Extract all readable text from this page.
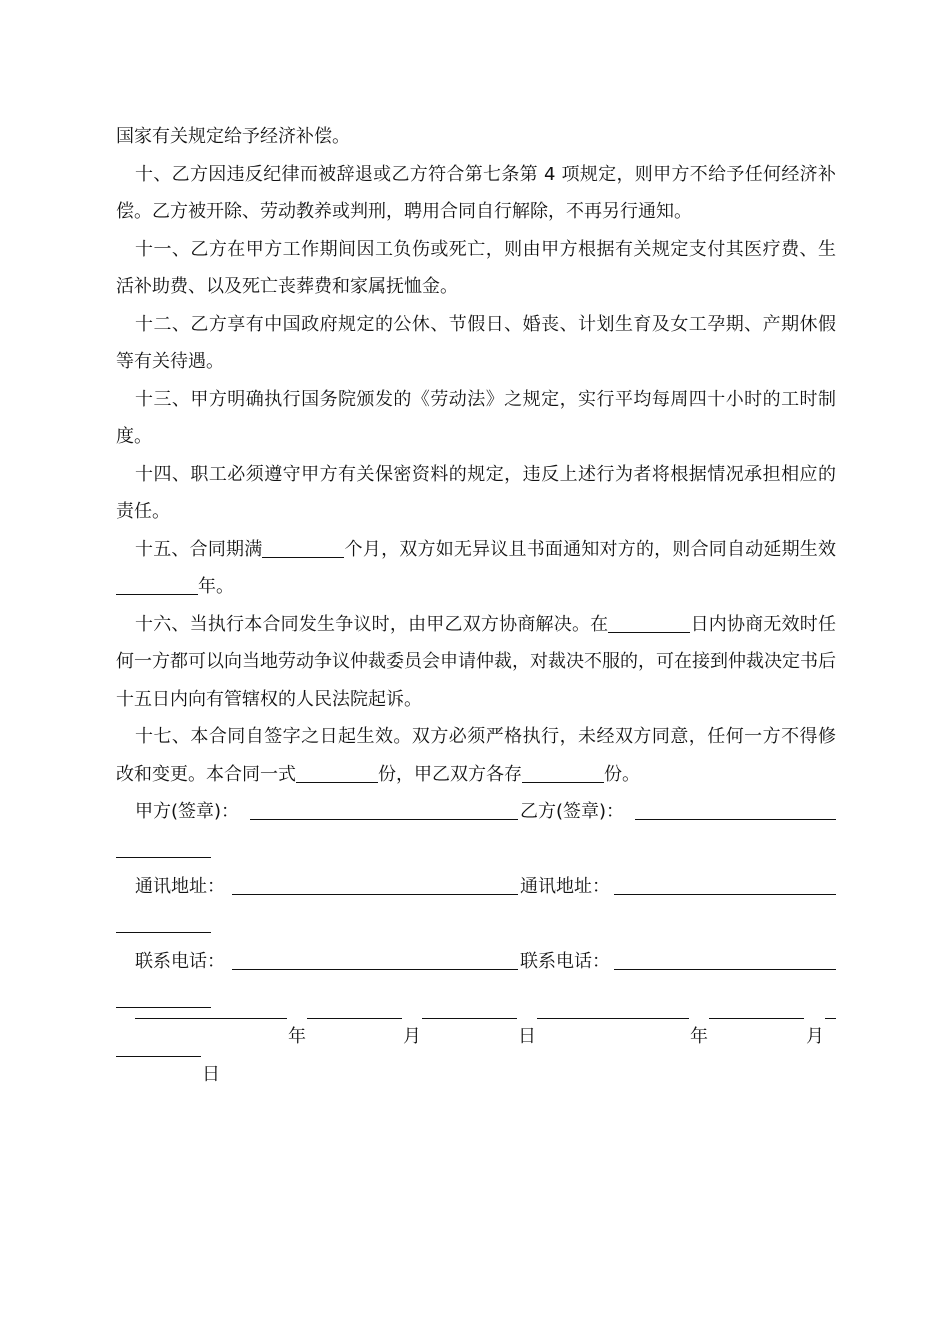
国家有关规定给予经济补偿。

十、乙方因违反纪律而被辞退或乙方符合第七条第 4 项规定，则甲方不给予任何经济补偿。乙方被开除、劳动教养或判刑，聘用合同自行解除，不再另行通知。

十一、乙方在甲方工作期间因工负伤或死亡，则由甲方根据有关规定支付其医疗费、生活补助费、以及死亡丧葬费和家属抚恤金。

十二、乙方享有中国政府规定的公休、节假日、婚丧、计划生育及女工孕期、产期休假等有关待遇。

十三、甲方明确执行国务院颁发的《劳动法》之规定，实行平均每周四十小时的工时制度。

十四、职工必须遵守甲方有关保密资料的规定，违反上述行为者将根据情况承担相应的责任。

十五、合同期满	个月，双方如无异议且书面通知对方的，则合同自动延期生效年。

十六、当执行本合同发生争议时，由甲乙双方协商解决。在	日内协商无效时任何一方都可以向当地劳动争议仲裁委员会申请仲裁，对裁决不服的，可在接到仲裁决定书后十五日内向有管辖权的人民法院起诉。

十七、本合同自签字之日起生效。双方必须严格执行，未经双方同意，任何一方不得修改和变更。本合同一式	份，甲乙双方各存	份。

甲方(签章)：	乙方(签章)：
通讯地址：	通讯地址：
联系电话：	联系电话：
年	月	日	年	月
日
